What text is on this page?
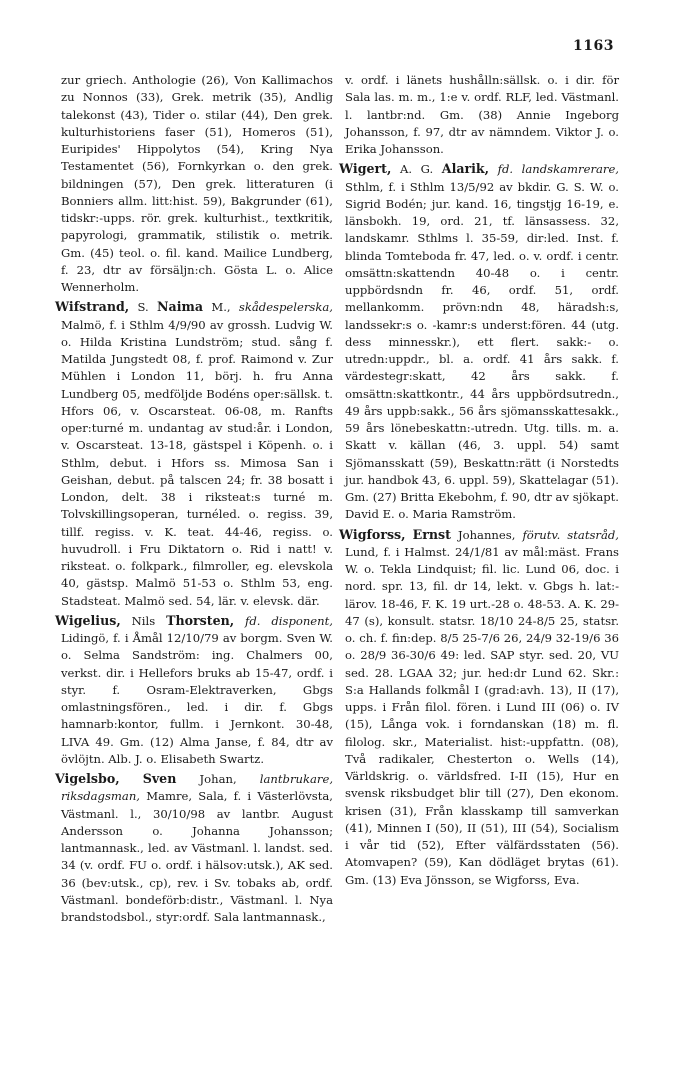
1163

zur griech. Anthologie (26), Von Kallimachos zu Nonnos (33), Grek. metrik (35), Andlig talekonst (43), Tider o. stilar (44), Den grek. kulturhistoriens faser (51), Homeros (51), Euripides' Hippolytos (54), Kring Nya Testamentet (56), Fornkyrkan o. den grek. bildningen (57), Den grek. litteraturen (i Bonniers allm. litt:hist. 59), Bakgrunder (61), tidskr:-upps. rör. grek. kulturhist., textkritik, papyrologi, grammatik, stilistik o. metrik. Gm. (45) teol. o. fil. kand. Mailice Lundberg, f. 23, dtr av försäljn:ch. Gösta L. o. Alice Wennerholm.

Wifstrand, S. Naima M., skådespelerska, Malmö, f. i Sthlm 4/9/90 av grossh. Ludvig W. o. Hilda Kristina Lundström; stud. sång f. Matilda Jungstedt 08, f. prof. Raimond v. Zur Mühlen i London 11, börj. h. fru Anna Lundberg 05, medföljde Bodéns oper:sällsk. t. Hfors 06, v. Oscarsteat. 06-08, m. Ranfts oper:turné m. undantag av stud:år. i London, v. Oscarsteat. 13-18, gästspel i Köpenh. o. i Sthlm, debut. i Hfors ss. Mimosa San i Geishan, debut. på talscen 24; fr. 38 bosatt i London, delt. 38 i riksteat:s turné m. Tolvskillingsoperan, turnéled. o. regiss. 39, tillf. regiss. v. K. teat. 44-46, regiss. o. huvudroll. i Fru Diktatorn o. Rid i natt! v. riksteat. o. folkpark., filmroller, eg. elevskola 40, gästsp. Malmö 51-53 o. Sthlm 53, eng. Stadsteat. Malmö sed. 54, lär. v. elevsk. där.

Wigelius, Nils Thorsten, fd. disponent, Lidingö, f. i Åmål 12/10/79 av borgm. Sven W. o. Selma Sandström: ing. Chalmers 00, verkst. dir. i Hellefors bruks ab 15-47, ordf. i styr. f. Osram-Elektraverken, Gbgs omlastningsfören., led. i dir. f. Gbgs hamnarb:kontor, fullm. i Jernkont. 30-48, LIVA 49. Gm. (12) Alma Janse, f. 84, dtr av övlöjtn. Alb. J. o. Elisabeth Swartz.

Vigelsbo, Sven Johan, lantbrukare, riksdagsman, Mamre, Sala, f. i Västerlövsta, Västmanl. l., 30/10/98 av lantbr. August Andersson o. Johanna Johansson; lantmannask., led. av Västmanl. l. landst. sed. 34 (v. ordf. FU o. ordf. i hälsov:utsk.), AK sed. 36 (bev:utsk., cp), rev. i Sv. tobaks ab, ordf. Västmanl. bondeförb:distr., Västmanl. l. Nya brandstodsbol., styr:ordf. Sala lantmannask.,

v. ordf. i länets hushålln:sällsk. o. i dir. för Sala las. m. m., 1:e v. ordf. RLF, led. Västmanl. l. lantbr:nd. Gm. (38) Annie Ingeborg Johansson, f. 97, dtr av nämndem. Viktor J. o. Erika Johansson.

Wigert, A. G. Alarik, fd. landskamrerare, Sthlm, f. i Sthlm 13/5/92 av bkdir. G. S. W. o. Sigrid Bodén; jur. kand. 16, tingstjg 16-19, e. länsbokh. 19, ord. 21, tf. länsassess. 32, landskamr. Sthlms l. 35-59, dir:led. Inst. f. blinda Tomteboda fr. 47, led. o. v. ordf. i centr. omsättn:skattendn 40-48 o. i centr. uppbördsndn fr. 46, ordf. 51, ordf. mellankomm. prövn:ndn 48, häradsh:s, landssekr:s o. -kamr:s underst:fören. 44 (utg. dess minnesskr.), ett flert. sakk:- o. utredn:uppdr., bl. a. ordf. 41 års sakk. f. värdestegr:skatt, 42 års sakk. f. omsättn:skattkontr., 44 års uppbördsutredn., 49 års uppb:sakk., 56 års sjömansskattesakk., 59 års lönebeskattn:-utredn. Utg. tills. m. a. Skatt v. källan (46, 3. uppl. 54) samt Sjömansskatt (59), Beskattn:rätt (i Norstedts jur. handbok 43, 6. uppl. 59), Skattelagar (51). Gm. (27) Britta Ekebohm, f. 90, dtr av sjökapt. David E. o. Maria Ramström.

Wigforss, Ernst Johannes, förutv. statsråd, Lund, f. i Halmst. 24/1/81 av mål:mäst. Frans W. o. Tekla Lindquist; fil. lic. Lund 06, doc. i nord. spr. 13, fil. dr 14, lekt. v. Gbgs h. lat:-lärov. 18-46, F. K. 19 urt.-28 o. 48-53. A. K. 29-47 (s), konsult. statsr. 18/10 24-8/5 25, statsr. o. ch. f. fin:dep. 8/5 25-7/6 26, 24/9 32-19/6 36 o. 28/9 36-30/6 49: led. SAP styr. sed. 20, VU sed. 28. LGAA 32; jur. hed:dr Lund 62. Skr.: S:a Hallands folkmål I (grad:avh. 13), II (17), upps. i Från filol. fören. i Lund III (06) o. IV (15), Långa vok. i forndanskan (18) m. fl. filolog. skr., Materialist. hist:-uppfattn. (08), Två radikaler, Chesterton o. Wells (14), Världskrig. o. världsfred. I-II (15), Hur en svensk riksbudget blir till (27), Den ekonom. krisen (31), Från klasskamp till samverkan (41), Minnen I (50), II (51), III (54), Socialism i vår tid (52), Efter välfärdsstaten (56). Atomvapen? (59), Kan dödläget brytas (61). Gm. (13) Eva Jönsson, se Wigforss, Eva.
